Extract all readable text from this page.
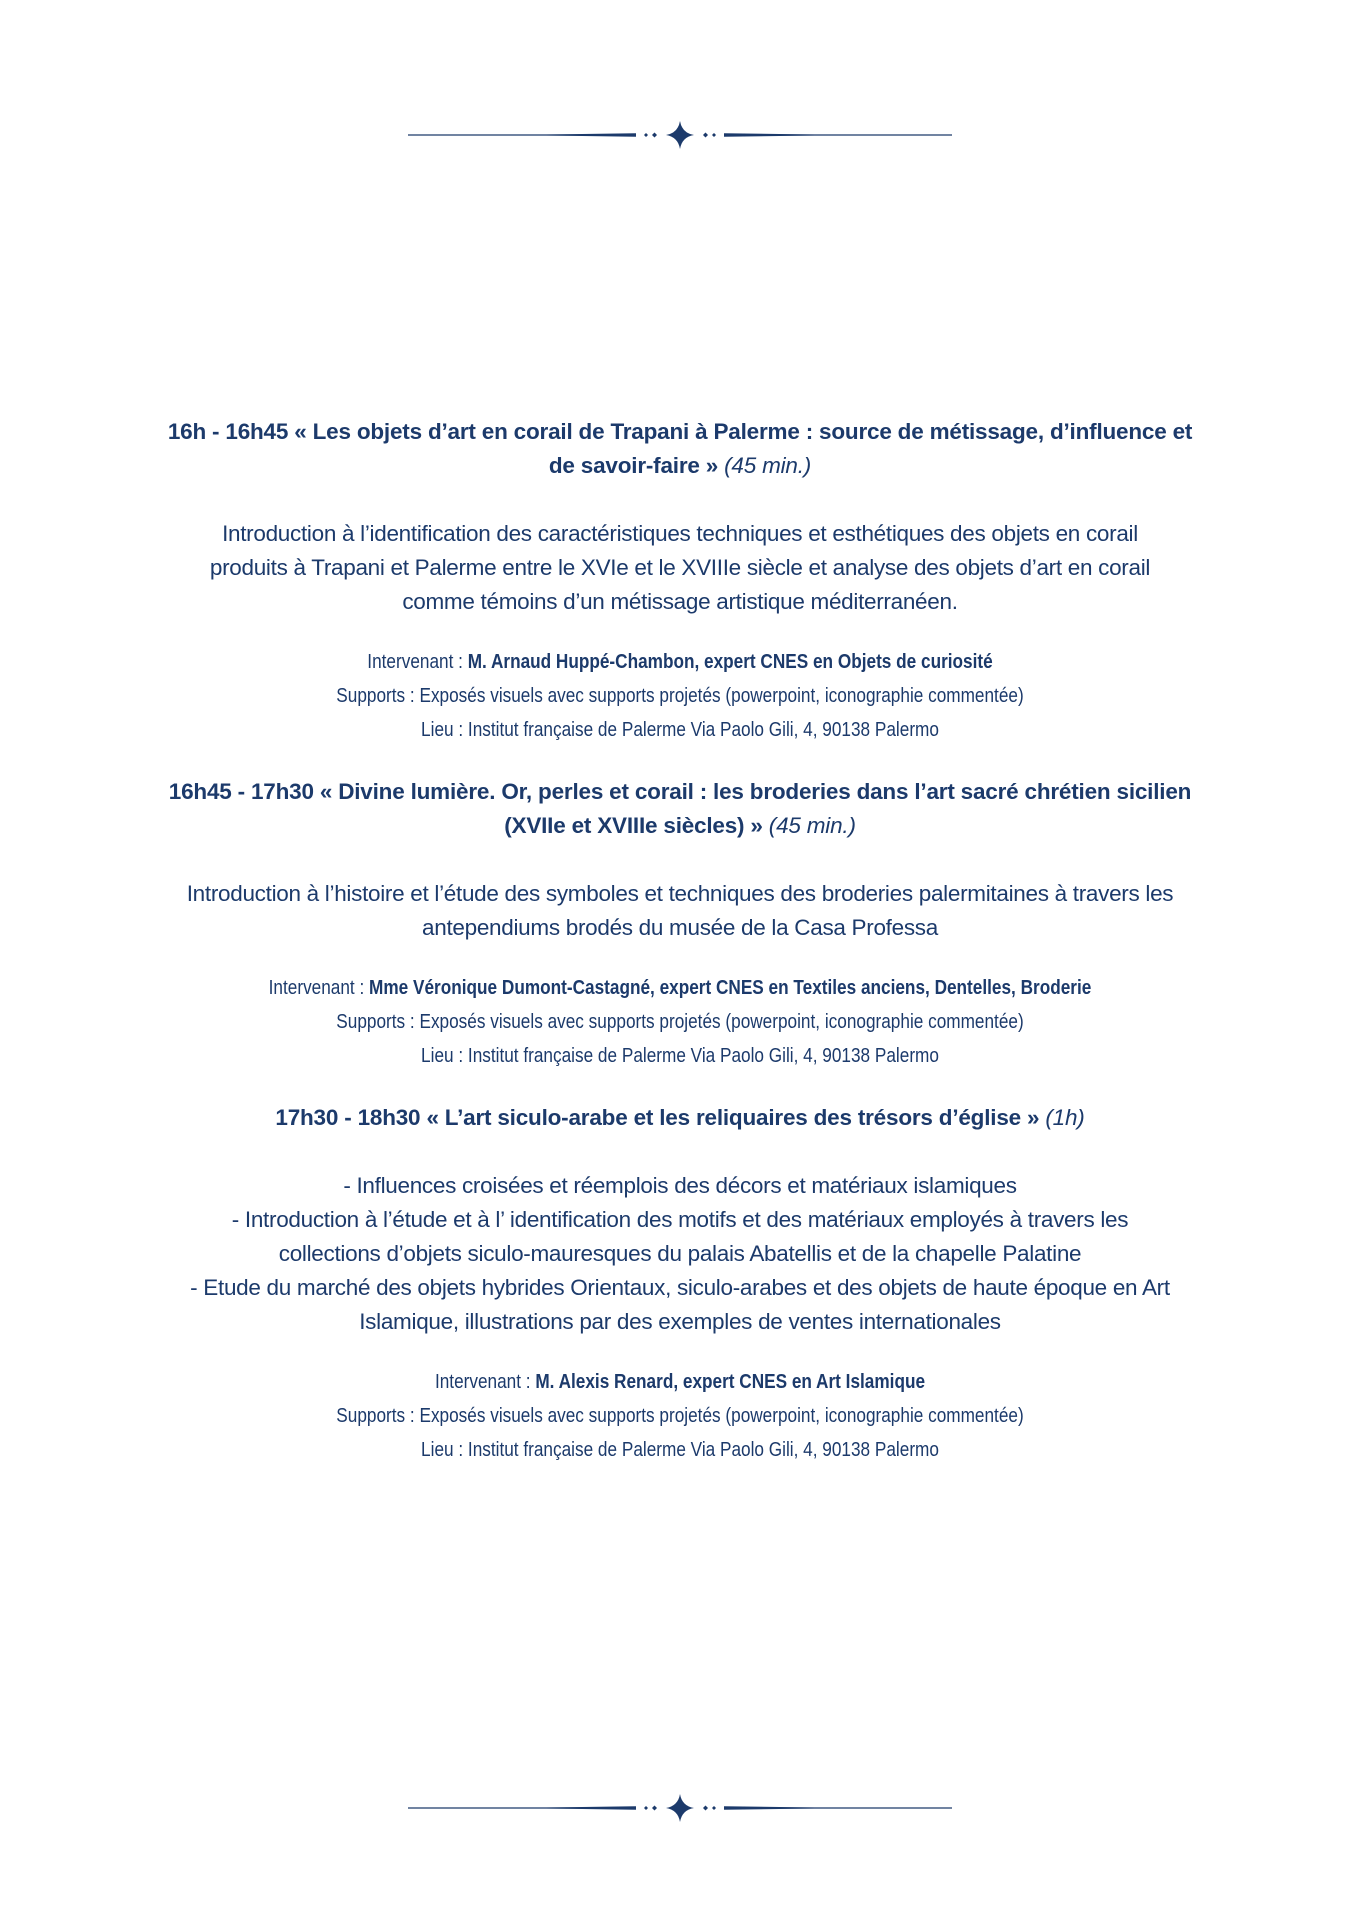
16h - 16h45 « Les objets d’art en corail de Trapani à Palerme : source de métissage, d’influence et
de savoir-faire » (45 min.)

Introduction à l’identification des caractéristiques techniques et esthétiques des objets en corail

produits à Trapani et Palerme entre le XVIe et le XVIIIe siècle et analyse des objets d’art en corail

comme témoins d’un métissage artistique méditerranéen.

Intervenant : M. Arnaud Huppé-Chambon, expert CNES en Objets de curiosité

Supports : Exposés visuels avec supports projetés (powerpoint, iconographie commentée)

Lieu : Institut française de Palerme Via Paolo Gili, 4, 90138 Palermo

16h45 - 17h30 « Divine lumière. Or, perles et corail : les broderies dans l’art sacré chrétien sicilien
(XVIIe et XVIIIe siècles) » (45 min.)

Introduction à l’histoire et l’étude des symboles et techniques des broderies palermitaines à travers les

antependiums brodés du musée de la Casa Professa

Intervenant : Mme Véronique Dumont-Castagné, expert CNES en Textiles anciens, Dentelles, Broderie

Supports : Exposés visuels avec supports projetés (powerpoint, iconographie commentée)

Lieu : Institut française de Palerme Via Paolo Gili, 4, 90138 Palermo

17h30 - 18h30 « L’art siculo-arabe et les reliquaires des trésors d’église » (1h)

- Influences croisées et réemplois des décors et matériaux islamiques

- Introduction à l’étude et à l’ identification des motifs et des matériaux employés à travers les

collections d’objets siculo-mauresques du palais Abatellis et de la chapelle Palatine

- Etude du marché des objets hybrides Orientaux, siculo-arabes et des objets de haute époque en Art

Islamique, illustrations par des exemples de ventes internationales

Intervenant : M. Alexis Renard, expert CNES en Art Islamique

Supports : Exposés visuels avec supports projetés (powerpoint, iconographie commentée)

Lieu : Institut française de Palerme Via Paolo Gili, 4, 90138 Palermo
